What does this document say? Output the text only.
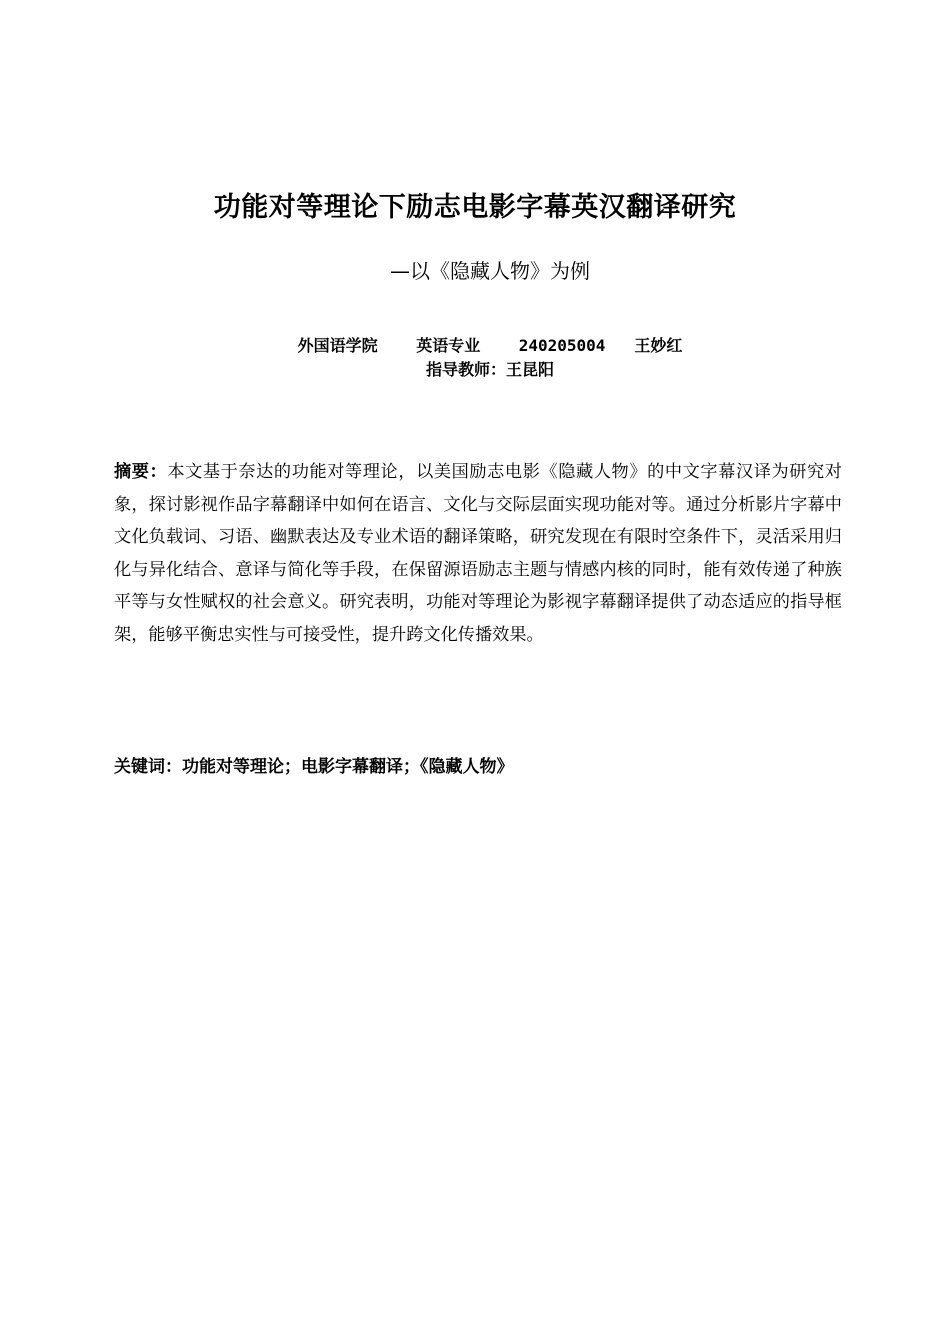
功能对等理论下励志电影字幕英汉翻译研究
—以《隐藏人物》为例
外国语学院    英语专业    240205004   王妙红
指导教师：王昆阳
摘要：本文基于奈达的功能对等理论，以美国励志电影《隐藏人物》的中文字幕汉译为研究对象，探讨影视作品字幕翻译中如何在语言、文化与交际层面实现功能对等。通过分析影片字幕中文化负载词、习语、幽默表达及专业术语的翻译策略，研究发现在有限时空条件下，灵活采用归化与异化结合、意译与简化等手段，在保留源语励志主题与情感内核的同时，能有效传递了种族平等与女性赋权的社会意义。研究表明，功能对等理论为影视字幕翻译提供了动态适应的指导框架，能够平衡忠实性与可接受性，提升跨文化传播效果。
关键词：功能对等理论；电影字幕翻译；《隐藏人物》
